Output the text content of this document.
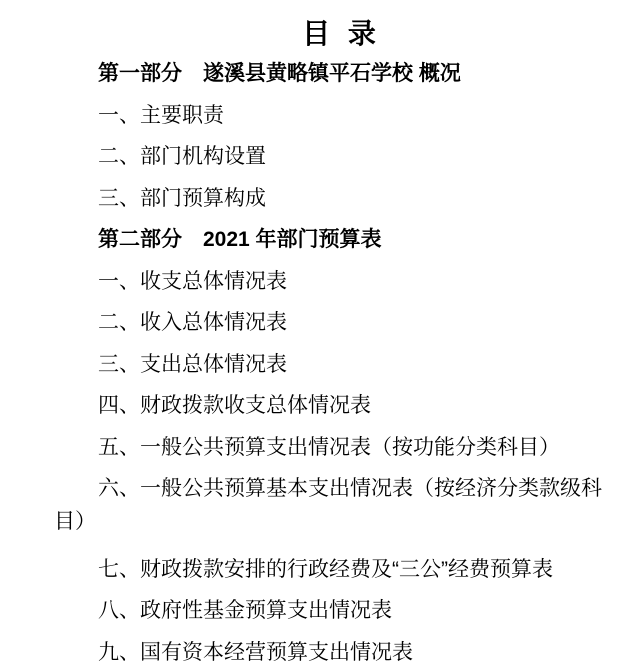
目 录

第一部分　遂溪县黄略镇平石学校 概况

一、主要职责

二、部门机构设置

三、部门预算构成

第二部分　2021 年部门预算表

一、收支总体情况表

二、收入总体情况表

三、支出总体情况表

四、财政拨款收支总体情况表

五、一般公共预算支出情况表（按功能分类科目）

六、一般公共预算基本支出情况表（按经济分类款级科目）

七、财政拨款安排的行政经费及“三公”经费预算表

八、政府性基金预算支出情况表

九、国有资本经营预算支出情况表
